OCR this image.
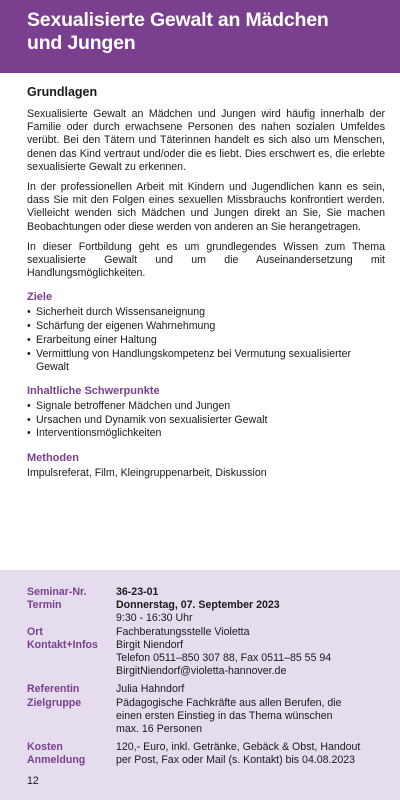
Sexualisierte Gewalt an Mädchen
und Jungen
Grundlagen

Sexualisierte Gewalt an Mädchen und Jungen wird häufig innerhalb der Familie oder durch erwachsene Personen des nahen sozialen Umfeldes verübt. Bei den Tätern und Täterinnen handelt es sich also um Menschen, denen das Kind vertraut und/oder die es liebt. Dies erschwert es, die erlebte sexualisierte Gewalt zu erkennen.

In der professionellen Arbeit mit Kindern und Jugendlichen kann es sein, dass Sie mit den Folgen eines sexuellen Missbrauchs konfrontiert werden. Vielleicht wenden sich Mädchen und Jungen direkt an Sie, Sie machen Beobachtungen oder diese werden von anderen an Sie herangetragen.

In dieser Fortbildung geht es um grundlegendes Wissen zum Thema sexualisierte Gewalt und um die Auseinandersetzung mit Handlungsmöglichkeiten.

Ziele
• Sicherheit durch Wissensaneignung
• Schärfung der eigenen Wahrnehmung
• Erarbeitung einer Haltung
• Vermittlung von Handlungskompetenz bei Vermutung sexualisierter Gewalt
Inhaltliche Schwerpunkte
• Signale betroffener Mädchen und Jungen
• Ursachen und Dynamik von sexualisierter Gewalt
• Interventionsmöglichkeiten
Methoden
Impulsreferat, Film, Kleingruppenarbeit, Diskussion
Seminar-Nr.	36-23-01
Termin	Donnerstag, 07. September 2023
9:30 - 16:30 Uhr
Ort	Fachberatungsstelle Violetta
Kontakt+Infos	Birgit Niendorf
Telefon 0511–850 307 88, Fax 0511–85 55 94
BirgitNiendorf@violetta-hannover.de
Referentin	Julia Hahndorf
Zielgruppe	Pädagogische Fachkräfte aus allen Berufen, die
einen ersten Einstieg in das Thema wünschen
max. 16 Personen
Kosten	120,- Euro, inkl. Getränke, Gebäck & Obst, Handout
Anmeldung	per Post, Fax oder Mail (s. Kontakt) bis 04.08.2023
12
